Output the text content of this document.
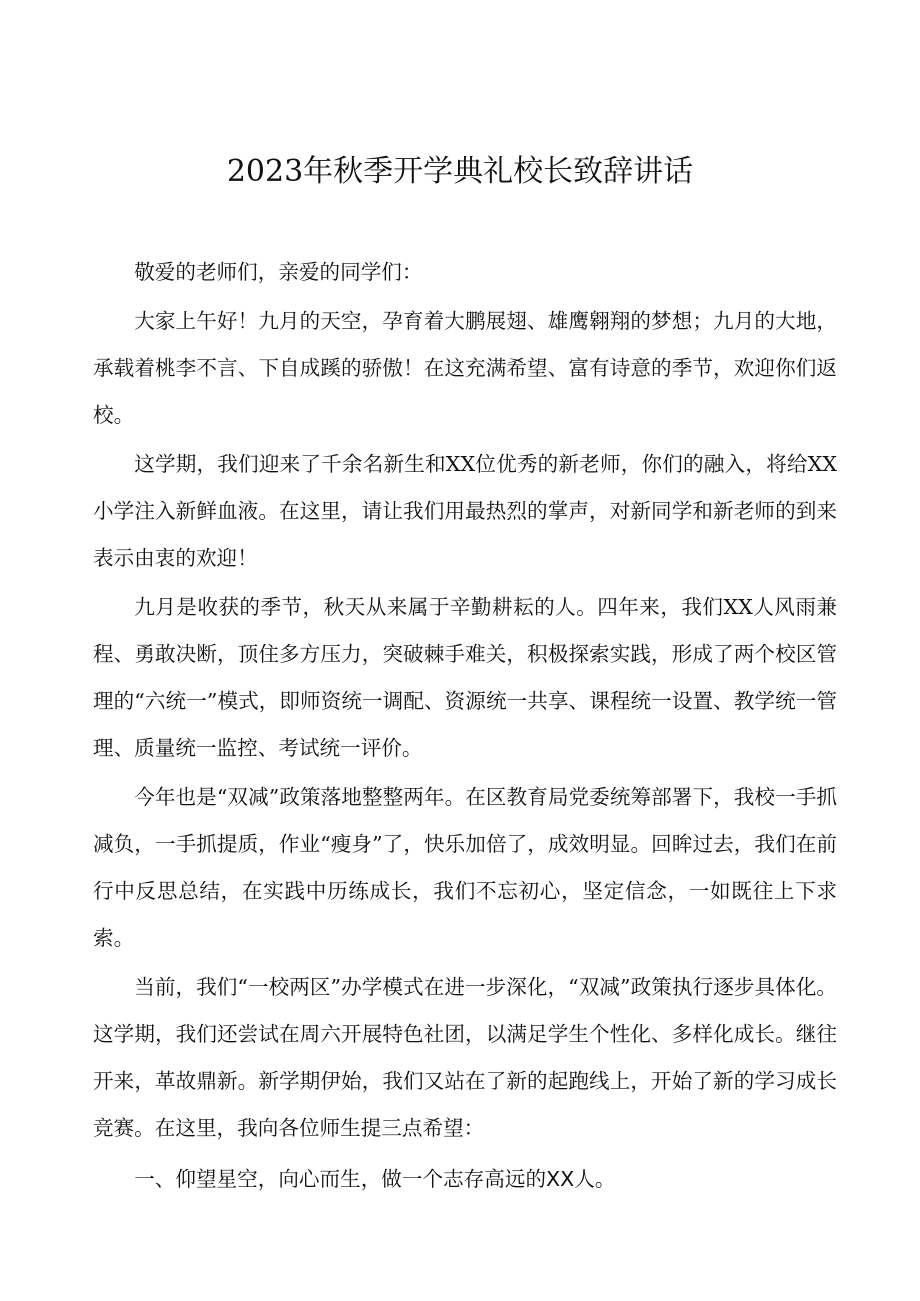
2023年秋季开学典礼校长致辞讲话

敬爱的老师们，亲爱的同学们：

大家上午好！九月的天空，孕育着大鹏展翅、雄鹰翱翔的梦想；九月的大地，承载着桃李不言、下自成蹊的骄傲！在这充满希望、富有诗意的季节，欢迎你们返校。

这学期，我们迎来了千余名新生和XX位优秀的新老师，你们的融入，将给XX小学注入新鲜血液。在这里，请让我们用最热烈的掌声，对新同学和新老师的到来表示由衷的欢迎！

九月是收获的季节，秋天从来属于辛勤耕耘的人。四年来，我们XX人风雨兼程、勇敢决断，顶住多方压力，突破棘手难关，积极探索实践，形成了两个校区管理的“六统一”模式，即师资统一调配、资源统一共享、课程统一设置、教学统一管理、质量统一监控、考试统一评价。

今年也是“双减”政策落地整整两年。在区教育局党委统筹部署下，我校一手抓减负，一手抓提质，作业“瘦身”了，快乐加倍了，成效明显。回眸过去，我们在前行中反思总结，在实践中历练成长，我们不忘初心，坚定信念，一如既往上下求索。

当前，我们“一校两区”办学模式在进一步深化，“双减”政策执行逐步具体化。这学期，我们还尝试在周六开展特色社团，以满足学生个性化、多样化成长。继往开来，革故鼎新。新学期伊始，我们又站在了新的起跑线上，开始了新的学习成长竞赛。在这里，我向各位师生提三点希望：

一、仰望星空，向心而生，做一个志存高远的XX人。
